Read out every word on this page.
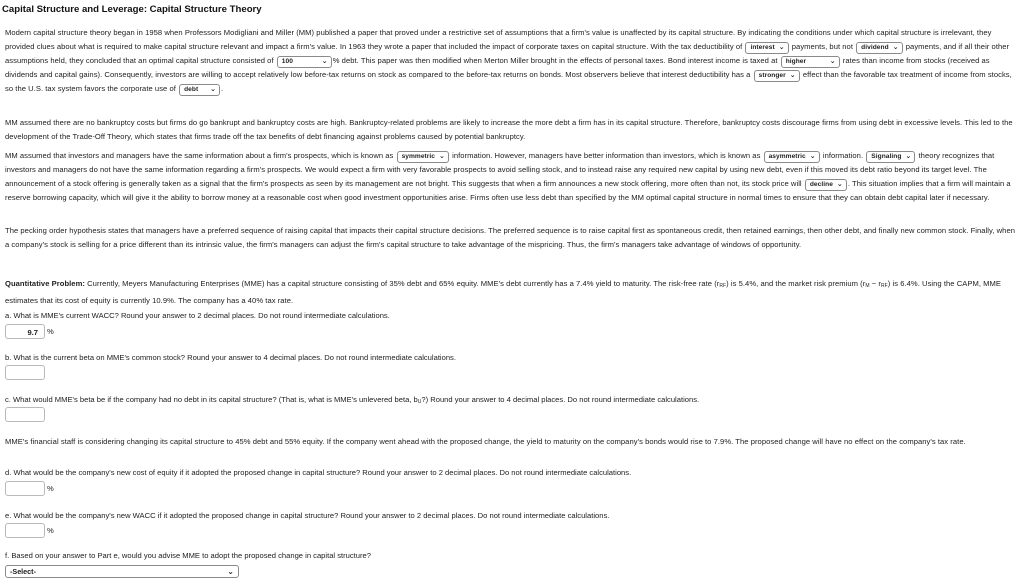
Capital Structure and Leverage: Capital Structure Theory

Modern capital structure theory began in 1958 when Professors Modigliani and Miller (MM) published a paper that proved under a restrictive set of assumptions that a firm's value is unaffected by its capital structure. By indicating the conditions under which capital structure is irrelevant, they provided clues about what is required to make capital structure relevant and impact a firm's value. In 1963 they wrote a paper that included the impact of corporate taxes on capital structure. With the tax deductibility of interest ⌄ payments, but not dividend ⌄ payments, and if all their other assumptions held, they concluded that an optimal capital structure consisted of 100	⌄ % debt. This paper was then modified when Merton Miller brought in the effects of personal taxes. Bond interest income is taxed at higher	⌄ rates than income from stocks (received as dividends and capital gains). Consequently, investors are willing to accept relatively low before-tax returns on stock as compared to the before-tax returns on bonds. Most observers believe that interest deductibility has a stronger ⌄ effect than the favorable tax treatment of income from stocks, so the U.S. tax system favors the corporate use of debt ⌄ .

MM assumed there are no bankruptcy costs but firms do go bankrupt and bankruptcy costs are high. Bankruptcy-related problems are likely to increase the more debt a firm has in its capital structure. Therefore, bankruptcy costs discourage firms from using debt in excessive levels. This led to the development of the Trade-Off Theory, which states that firms trade off the tax benefits of debt financing against problems caused by potential bankruptcy.

MM assumed that investors and managers have the same information about a firm's prospects, which is known as symmetric ⌄ information. However, managers have better information than investors, which is known as asymmetric ⌄ information. Signaling ⌄ theory recognizes that investors and managers do not have the same information regarding a firm's prospects. We would expect a firm with very favorable prospects to avoid selling stock, and to instead raise any required new capital by using new debt, even if this moved its debt ratio beyond its target level. The announcement of a stock offering is generally taken as a signal that the firm's prospects as seen by its management are not bright. This suggests that when a firm announces a new stock offering, more often than not, its stock price will decline ⌄ . This situation implies that a firm will maintain a reserve borrowing capacity, which will give it the ability to borrow money at a reasonable cost when good investment opportunities arise. Firms often use less debt than specified by the MM optimal capital structure in normal times to ensure that they can obtain debt capital later if necessary.

The pecking order hypothesis states that managers have a preferred sequence of raising capital that impacts their capital structure decisions. The preferred sequence is to raise capital first as spontaneous credit, then retained earnings, then other debt, and finally new common stock. Finally, when a company's stock is selling for a price different than its intrinsic value, the firm's managers can adjust the firm's capital structure to take advantage of the mispricing. Thus, the firm's managers take advantage of windows of opportunity.

Quantitative Problem: Currently, Meyers Manufacturing Enterprises (MME) has a capital structure consisting of 35% debt and 65% equity. MME's debt currently has a 7.4% yield to maturity. The risk-free rate $(r_{RF})$ is 5.4%, and the market risk premium $(r_M - r_{RF})$ is 6.4%. Using the CAPM, MME estimates that its cost of equity is currently 10.9%. The company has a 40% tax rate.

a. What is MME's current WACC? Round your answer to 2 decimal places. Do not round intermediate calculations.

9.7	%

b. What is the current beta on MME's common stock? Round your answer to 4 decimal places. Do not round intermediate calculations.

c. What would MME's beta be if the company had no debt in its capital structure? (That is, what is MME's unlevered beta, $b_U$?) Round your answer to 4 decimal places. Do not round intermediate calculations.

MME's financial staff is considering changing its capital structure to 45% debt and 55% equity. If the company went ahead with the proposed change, the yield to maturity on the company's bonds would rise to 7.9%. The proposed change will have no effect on the company's tax rate.

d. What would be the company's new cost of equity if it adopted the proposed change in capital structure? Round your answer to 2 decimal places. Do not round intermediate calculations.

%

e. What would be the company's new WACC if it adopted the proposed change in capital structure? Round your answer to 2 decimal places. Do not round intermediate calculations.

%

f. Based on your answer to Part e, would you advise MME to adopt the proposed change in capital structure?

-Select-	⌄
